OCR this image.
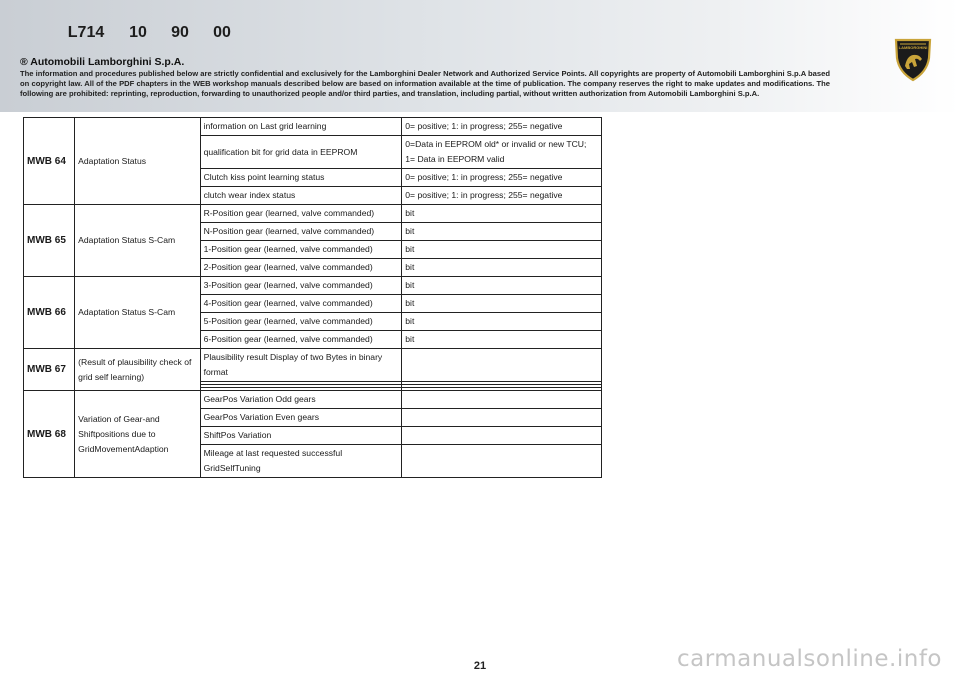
L714	10	90	00
® Automobili Lamborghini S.p.A.
The information and procedures published below are strictly confidential and exclusively for the Lamborghini Dealer Network and Authorized Service Points. All copyrights are property of Automobili Lamborghini S.p.A based on copyright law. All of the PDF chapters in the WEB workshop manuals described below are based on information available at the time of publication. The company reserves the right to make updates and modifications. The following are prohibited: reprinting, reproduction, forwarding to unauthorized people and/or third parties, and translation, including partial, without written authorization from Automobili Lamborghini S.p.A.
LAMBORGHINI
MWB 64	Adaptation Status	information on Last grid learning	0= positive; 1: in progress; 255= negative
		qualification bit for grid data in EEPROM	0=Data in EEPROM old* or invalid or new TCU; 1= Data in EEPORM valid
		Clutch kiss point learning status	0= positive; 1: in progress; 255= negative
		clutch wear index status	0= positive; 1: in progress; 255= negative
MWB 65	Adaptation Status S-Cam	R-Position gear (learned, valve commanded)	bit
		N-Position gear (learned, valve commanded)	bit
		1-Position gear (learned, valve commanded)	bit
		2-Position gear (learned, valve commanded)	bit
MWB 66	Adaptation Status S-Cam	3-Position gear (learned, valve commanded)	bit
		4-Position gear (learned, valve commanded)	bit
		5-Position gear (learned, valve commanded)	bit
		6-Position gear (learned, valve commanded)	bit
MWB 67	(Result of plausibility check of grid self learning)	Plausibility result Display of two Bytes in binary format	

MWB 68	Variation of Gear-and Shiftpositions due to GridMovementAdaption	GearPos Variation Odd gears	
		GearPos Variation Even gears	
		ShiftPos Variation	
		Mileage at last requested successful GridSelfTuning	
21	carmanualsonline.info
